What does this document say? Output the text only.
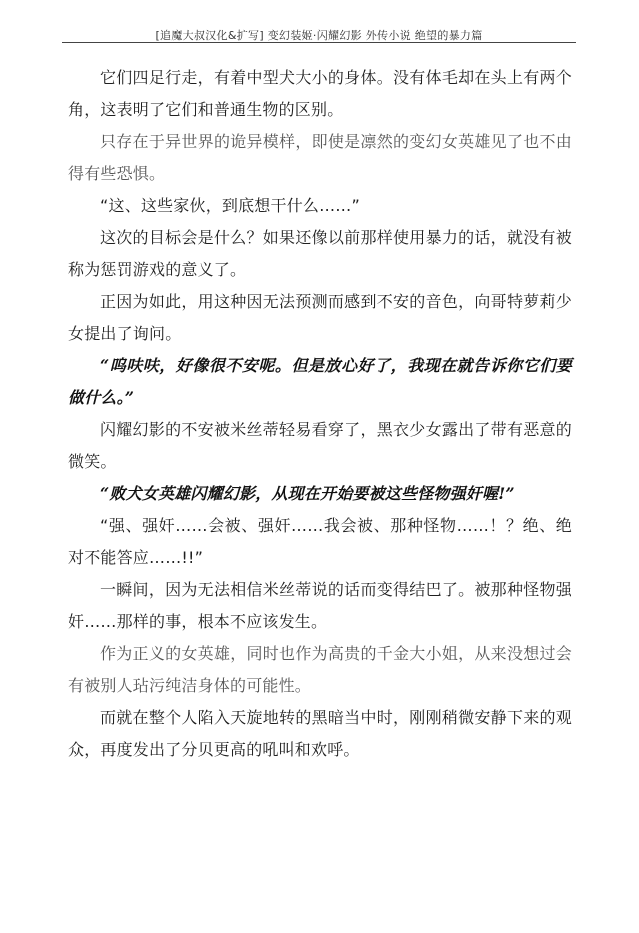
[追魔大叔汉化&扩写] 变幻装姬·闪耀幻影 外传小说 绝望的暴力篇

它们四足行走，有着中型犬大小的身体。没有体毛却在头上有两个角，这表明了它们和普通生物的区别。

只存在于异世界的诡异模样，即使是凛然的变幻女英雄见了也不由得有些恐惧。

“这、这些家伙，到底想干什么……”

这次的目标会是什么？如果还像以前那样使用暴力的话，就没有被称为惩罚游戏的意义了。

正因为如此，用这种因无法预测而感到不安的音色，向哥特萝莉少女提出了询问。

“呜呋呋，好像很不安呢。但是放心好了，我现在就告诉你它们要做什么。”

闪耀幻影的不安被米丝蒂轻易看穿了，黑衣少女露出了带有恶意的微笑。

“败犬女英雄闪耀幻影，从现在开始要被这些怪物强奸喔!”

“强、强奸……会被、强奸……我会被、那种怪物……！？绝、绝对不能答应……!!”

一瞬间，因为无法相信米丝蒂说的话而变得结巴了。被那种怪物强奸……那样的事，根本不应该发生。

作为正义的女英雄，同时也作为高贵的千金大小姐，从来没想过会有被别人玷污纯洁身体的可能性。

而就在整个人陷入天旋地转的黑暗当中时，刚刚稍微安静下来的观众，再度发出了分贝更高的吼叫和欢呼。
